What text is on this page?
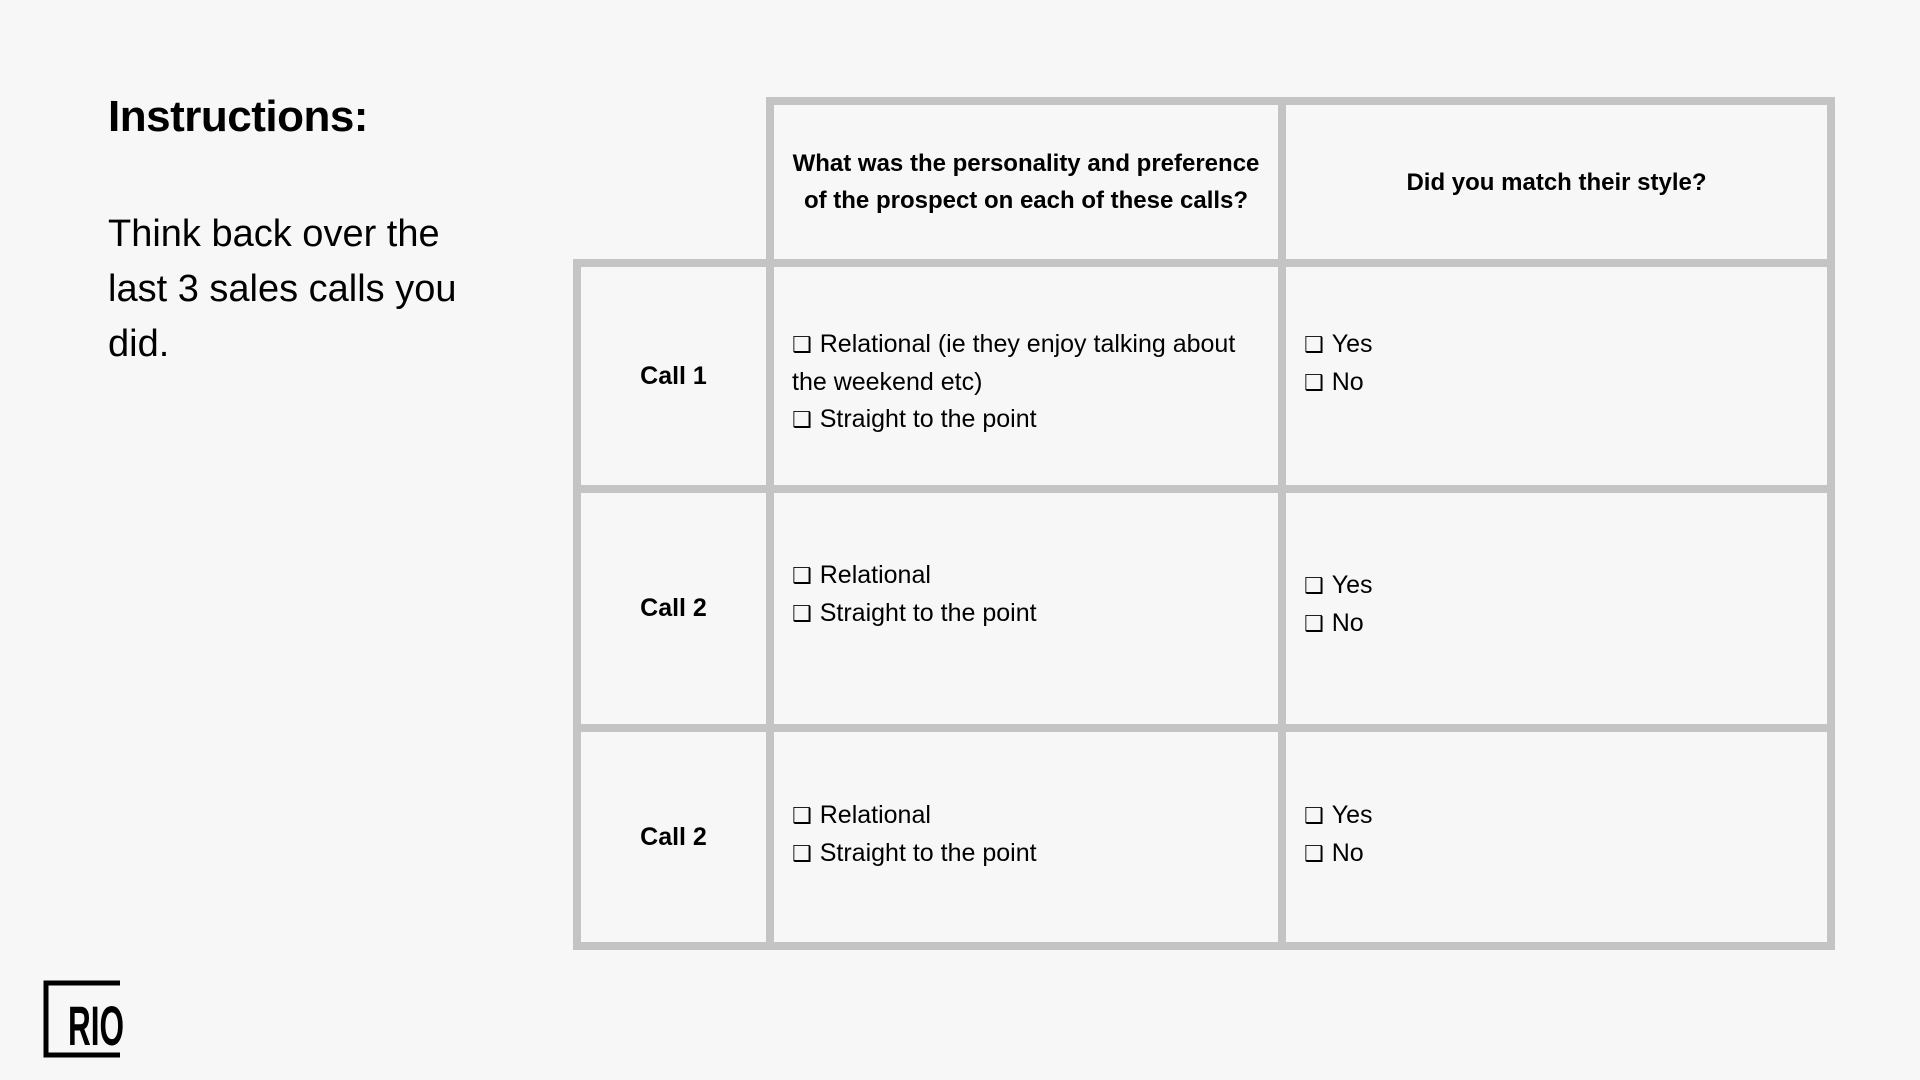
Instructions:

Think back over the last 3 sales calls you did.

What was the personality and preference of the prospect on each of these calls?
Did you match their style?
Call 1
❑ Relational (ie they enjoy talking about the weekend etc)
❑ Straight to the point
❑ Yes
❑ No
Call 2
❑ Relational
❑ Straight to the point
❑ Yes
❑ No
Call 2
❑ Relational
❑ Straight to the point
❑ Yes
❑ No
RIO
